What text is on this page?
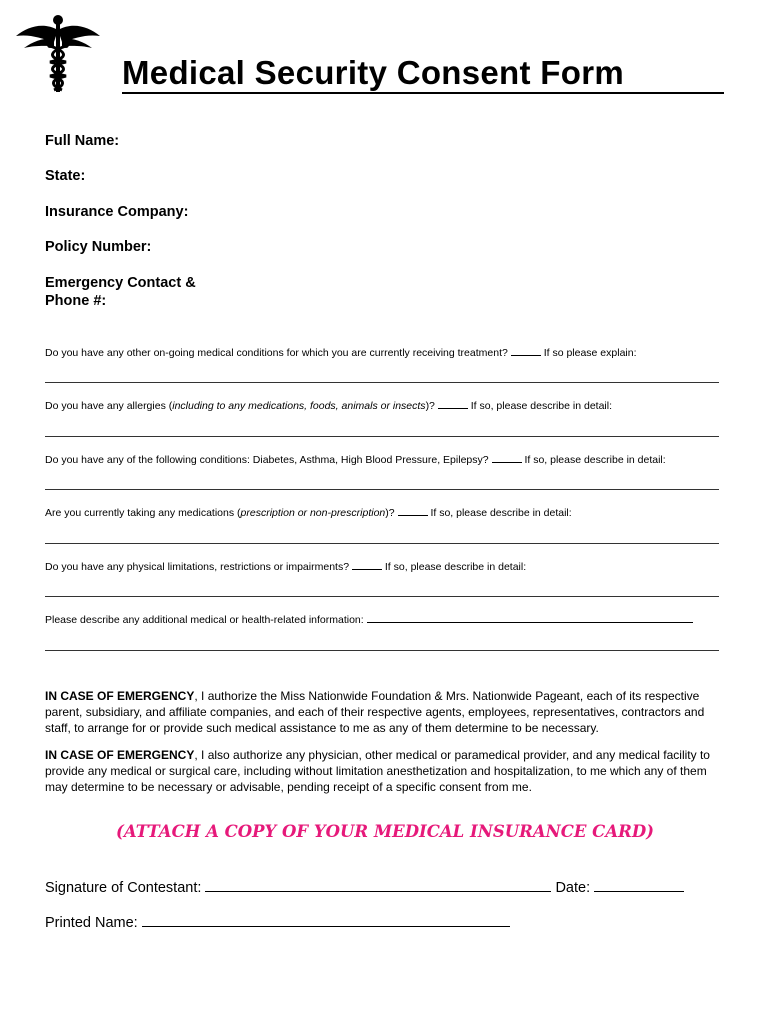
Medical Security Consent Form
Full Name:
State:
Insurance Company:
Policy Number:
Emergency Contact &
Phone #:
Do you have any other on-going medical conditions for which you are currently receiving treatment?	If so please explain:
Do you have any allergies (including to any medications, foods, animals or insects)?	If so, please describe in detail:
Do you have any of the following conditions: Diabetes, Asthma, High Blood Pressure, Epilepsy?	If so, please describe in detail:
Are you currently taking any medications (prescription or non-prescription)?	If so, please describe in detail:
Do you have any physical limitations, restrictions or impairments?	If so, please describe in detail:
Please describe any additional medical or health-related information:
IN CASE OF EMERGENCY, I authorize the Miss Nationwide Foundation & Mrs. Nationwide Pageant, each of its respective parent, subsidiary, and affiliate companies, and each of their respective agents, employees, representatives, contractors and staff, to arrange for or provide such medical assistance to me as any of them determine to be necessary.
IN CASE OF EMERGENCY, I also authorize any physician, other medical or paramedical provider, and any medical facility to provide any medical or surgical care, including without limitation anesthetization and hospitalization, to me which any of them may determine to be necessary or advisable, pending receipt of a specific consent from me.
(ATTACH A COPY OF YOUR MEDICAL INSURANCE CARD)
Signature of Contestant:	Date:
Printed Name:
